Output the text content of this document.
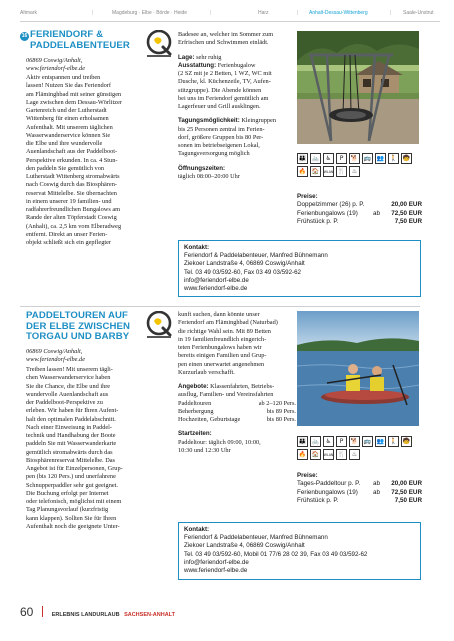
Altmark	|	Magdeburg · Elbe · Börde · Heide	|	Harz	| Anhalt-Dessau-Wittenberg	| Saale-Unstrut
16 FERIENDORF &
PADDELABENTEUER
06869 Coswig/Anhalt,
www.feriendorf-elbe.de
Aktiv entspannen und treiben
lassen! Nutzen Sie das Feriendorf
am Fläminghbad mit seiner günstigen
Lage zwischen dem Dessau-Wörlitzer
Gartenreich und der Lutherstadt
Wittenberg für einen erholsamen
Aufenthalt. Mit unserem täglichen
Wasserwanderservice können Sie
die Elbe und ihre wundervolle
Auenlandschaft aus der Paddelboot-
Perspektive erkunden. In ca. 4 Stun-
den paddeln Sie gemütlich von
Lutherstadt Wittenberg stromabwärts
nach Coswig durch das Biosphären-
reservat Mittelelbe. Sie übernachten
in einem unserer 19 familien- und
radfahrerfreundlichen Bungalows am
Rande der alten Töpferstadt Coswig
(Anhalt), ca. 2,5 km vom Elberadweg
entfernt. Direkt an unser Ferien-
objekt schließt sich ein gepflegter
Badesee an, welcher im Sommer zum
Erfrischen und Schwimmen einlädt.
Lage: sehr ruhig
Ausstattung: Ferienbugalow
(2 SZ mit je 2 Betten, 1 WZ, WC mit
Dusche, kl. Küchenzeile, TV, Aufen-
stitzgruppe). Die Abende können
bei uns im Feriendorf gemütlich am
Lagerfeuer und Grill ausklingen.
Tagungsmöglichkeit: Kleingruppen
bis 25 Personen zentral im Ferien-
dorf, größere Gruppen bis 80 Per-
sonen im betriebseigenen Lokal,
Tagungsversorgung möglich
Öffnungszeiten:
täglich 08:00–20:00 Uhr
👪 🚲	♿	P	🐕 🚌 👥 🚶 🧒
🔥 🏠	WLAN 🍴	♨
Preise:
Doppelzimmer (26) p. P.	20,00 EUR
Ferienbungalows (19) ab 72,50 EUR
Frühstück p. P.	7,50 EUR
Kontakt:
Feriendorf & Paddelabenteuer, Manfred Bühnemann
Ziekoer Landstraße 4, 06869 Coswig/Anhalt
Tel. 03 49 03/592-60, Fax 03 49 03/592-62
info@feriendorf-elbe.de
www.feriendorf-elbe.de
PADDELTOUREN AUF
DER ELBE ZWISCHEN
TORGAU UND BARBY
06869 Coswig/Anhalt,
www.feriendorf-elbe.de
Treiben lassen! Mit unserem tägli-
chen Wasserwanderservice haben
Sie die Chance, die Elbe und ihre
wundervolle Auenlandschaft aus
der Paddelboot-Perspektive zu
erleben. Wir haben für Ihren Aufent-
halt den optimalen Paddelabschnitt.
Nach einer Einweisung in Paddel-
technik und Handhabung der Boote
paddeln Sie mit Wasserwanderkarte
gemütlich stromabwärts durch das
Biosphärenreservat Mittelelbe. Das
Angebot ist für Einzelpersonen, Grup-
pen (bis 120 Pers.) und unerfahrene
Schnupperpaddler sehr gut geeignet.
Die Buchung erfolgt per Internet
oder telefonisch, möglichst mit einem
Tag Planungsvorlauf (kurzfristig
kann klappen). Sollten Sie für Ihren
Aufenthalt noch die geeignete Unter-
kunft suchen, dann könnte unser
Feriendorf am Fläminghbad (Naturbad)
die richtige Wahl sein. Mit 89 Betten
in 19 familienfreundlich eingerich-
teten Ferienbungalows haben wir
bereits einigen Familien und Grup-
pen einen unerwartet angenehmen
Kurzurlaub verschafft.
Angebote: Klassenfahrten, Betriebs-
ausflug, Familien- und Vereinsfahrten
Paddeltouren	ab 2–120 Pers.
Beherbergung	bis 89 Pers.
Hochzeiten, Geburtstage	bis 80 Pers.
Startzeiten:
Paddeltour: täglich 09:00, 10:00,
10:30 und 12:30 Uhr
👪 🚲	♿	P	🐕 🚌 👥 🚶 🧒
🔥 🏠	WLAN 🍴	♨
Preise:
Tages-Paddeltour p. P. ab 20,00 EUR
Ferienbungalows (19) ab 72,50 EUR
Frühstück p. P.	7,50 EUR
Kontakt:
Feriendorf & Paddelabenteuer, Manfred Bühnemann
Ziekoer Landstraße 4, 06869 Coswig/Anhalt
Tel. 03 49 03/592-60, Mobil 01 77/6 28 02 39, Fax 03 49 03/592-62
info@feriendorf-elbe.de
www.feriendorf-elbe.de
60	ERLEBNIS LANDURLAUB SACHSEN-ANHALT
